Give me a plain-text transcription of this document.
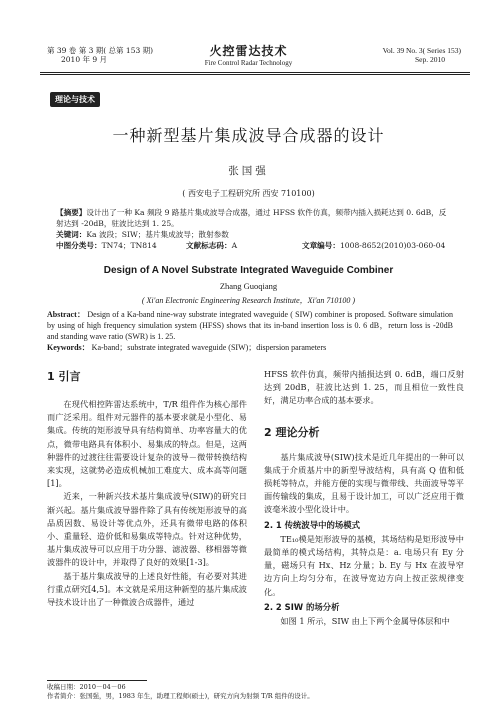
第 39 卷 第 3 期( 总第 153 期)
2010 年 9 月
火控雷达技术
Fire Control Radar Technology
Vol. 39 No. 3( Series 153)
Sep. 2010
理论与技术
一种新型基片集成波导合成器的设计
张国强
( 西安电子工程研究所 西安 710100)
【摘要】设计出了一种 Ka 频段 9 路基片集成波导合成器，通过 HFSS 软件仿真，频带内插入损耗达到 0. 6dB，反射达到 -20dB，驻波比达到 1. 25。
关键词：Ka 波段；SIW；基片集成波导；散射参数
中图分类号：TN74；TN814	文献标志码：A	文章编号：1008-8652(2010)03-060-04
Design of A Novel Substrate Integrated Waveguide Combiner
Zhang Guoqiang
( Xi'an Electronic Engineering Research Institute，Xi'an 710100 )
Abstract： Design of a Ka-band nine-way substrate integrated waveguide ( SIW) combiner is proposed. Software simulation by using of high frequency simulation system (HFSS) shows that its in-band insertion loss is 0. 6 dB，return loss is -20dB and standing wave ratio (SWR) is 1. 25.
Keywords： Ka-band；substrate integrated waveguide (SIW)；dispersion parameters
1 引言

在现代相控阵雷达系统中，T/R 组件作为核心部件而广泛采用。组件对元器件的基本要求就是小型化、易集成。传统的矩形波导具有结构简单、功率容量大的优点，微带电路具有体积小、易集成的特点。但是，这两种器件的过渡往往需要设计复杂的波导－微带转换结构来实现，这就势必造成机械加工难度大、成本高等问题[1]。

近来，一种新兴技术基片集成波导(SIW)的研究日渐兴起。基片集成波导器件除了具有传统矩形波导的高品质因数、易设计等优点外，还具有微带电路的体积小、重量轻、造价低和易集成等特点。针对这种优势，基片集成波导可以应用于功分器、滤波器、移相器等微波器件的设计中，并取得了良好的效果[1-3]。

基于基片集成波导的上述良好性能，有必要对其进行重点研究[4,5]。本文就是采用这种新型的基片集成波导技术设计出了一种微波合成器件，通过

HFSS 软件仿真，频带内插损达到 0. 6dB，端口反射达到 20dB，驻波比达到 1. 25，而且相位一致性良好，满足功率合成的基本要求。
2 理论分析

基片集成波导(SIW)技术是近几年提出的一种可以集成于介质基片中的新型导波结构，具有高 Q 值和低损耗等特点，并能方便的实现与微带线、共面波导等平面传输线的集成，且易于设计加工，可以广泛应用于微波毫米波小型化设计中。

2. 1 传统波导中的场模式

TE₁₀模是矩形波导的基模，其场结构是矩形波导中最简单的模式场结构，其特点是：a. 电场只有 Ey 分量，磁场只有 Hx、Hz 分量；b. Ey 与 Hx 在波导窄边方向上均匀分布，在波导宽边方向上按正弦规律变化。

2. 2 SIW 的场分析

如图 1 所示，SIW 由上下两个金属导体层和中

收稿日期：2010－04－06
作者简介：张国强，男，1983 年生，助理工程师(硕士)，研究方向为射频 T/R 组件的设计。
